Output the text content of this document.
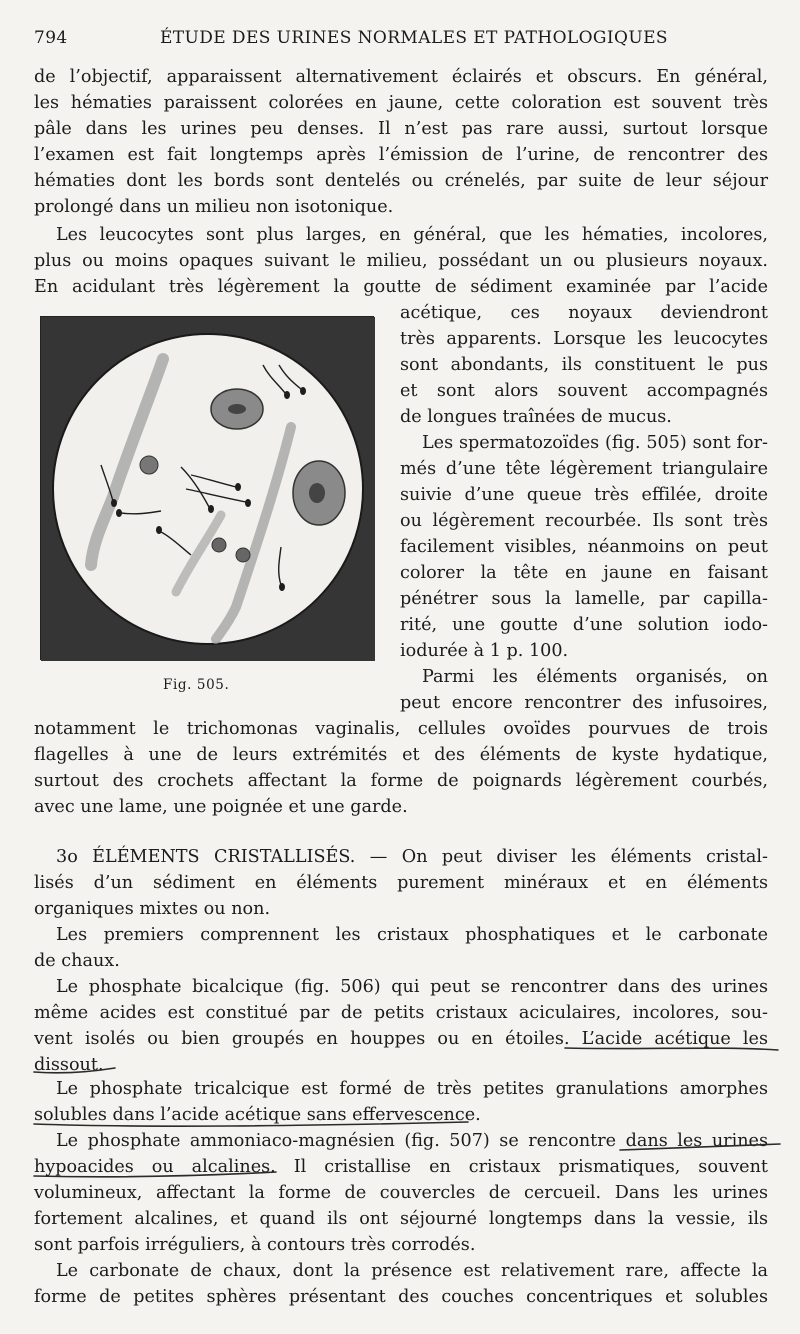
794	ÉTUDE DES URINES NORMALES ET PATHOLOGIQUES
de l’objectif, apparaissent alternativement éclairés et obscurs. En général,
les hématies paraissent colorées en jaune, cette coloration est souvent très
pâle dans les urines peu denses. Il n’est pas rare aussi, surtout lorsque
l’examen est fait longtemps après l’émission de l’urine, de rencontrer des
hématies dont les bords sont dentelés ou crénelés, par suite de leur séjour
prolongé dans un milieu non isotonique.
Les leucocytes sont plus larges, en général, que les hématies, incolores,
plus ou moins opaques suivant le milieu, possédant un ou plusieurs noyaux.
En acidulant très légèrement la goutte de sédiment examinée par l’acide
acétique, ces noyaux deviendront
très apparents. Lorsque les leucocytes
sont abondants, ils constituent le pus
et sont alors souvent accompagnés
de longues traînées de mucus.
Les spermatozoïdes (fig. 505) sont for-
més d’une tête légèrement triangulaire
suivie d’une queue très effilée, droite
ou légèrement recourbée. Ils sont très
facilement visibles, néanmoins on peut
colorer la tête en jaune en faisant
pénétrer sous la lamelle, par capilla-
rité, une goutte d’une solution iodo-
iodurée à 1 p. 100.
Parmi les éléments organisés, on
peut encore rencontrer des infusoires,
Fig. 505.
notamment le trichomonas vaginalis, cellules ovoïdes pourvues de trois
flagelles à une de leurs extrémités et des éléments de kyste hydatique,
surtout des crochets affectant la forme de poignards légèrement courbés,
avec une lame, une poignée et une garde.
3o ÉLÉMENTS CRISTALLISÉS. — On peut diviser les éléments cristal-
lisés d’un sédiment en éléments purement minéraux et en éléments
organiques mixtes ou non.
Les premiers comprennent les cristaux phosphatiques et le carbonate
de chaux.
Le phosphate bicalcique (fig. 506) qui peut se rencontrer dans des urines
même acides est constitué par de petits cristaux aciculaires, incolores, sou-
vent isolés ou bien groupés en houppes ou en étoiles. L’acide acétique les
dissout.
Le phosphate tricalcique est formé de très petites granulations amorphes
solubles dans l’acide acétique sans effervescence.
Le phosphate ammoniaco-magnésien (fig. 507) se rencontre dans les urines
hypoacides ou alcalines. Il cristallise en cristaux prismatiques, souvent
volumineux, affectant la forme de couvercles de cercueil. Dans les urines
fortement alcalines, et quand ils ont séjourné longtemps dans la vessie, ils
sont parfois irréguliers, à contours très corrodés.
Le carbonate de chaux, dont la présence est relativement rare, affecte la
forme de petites sphères présentant des couches concentriques et solubles
